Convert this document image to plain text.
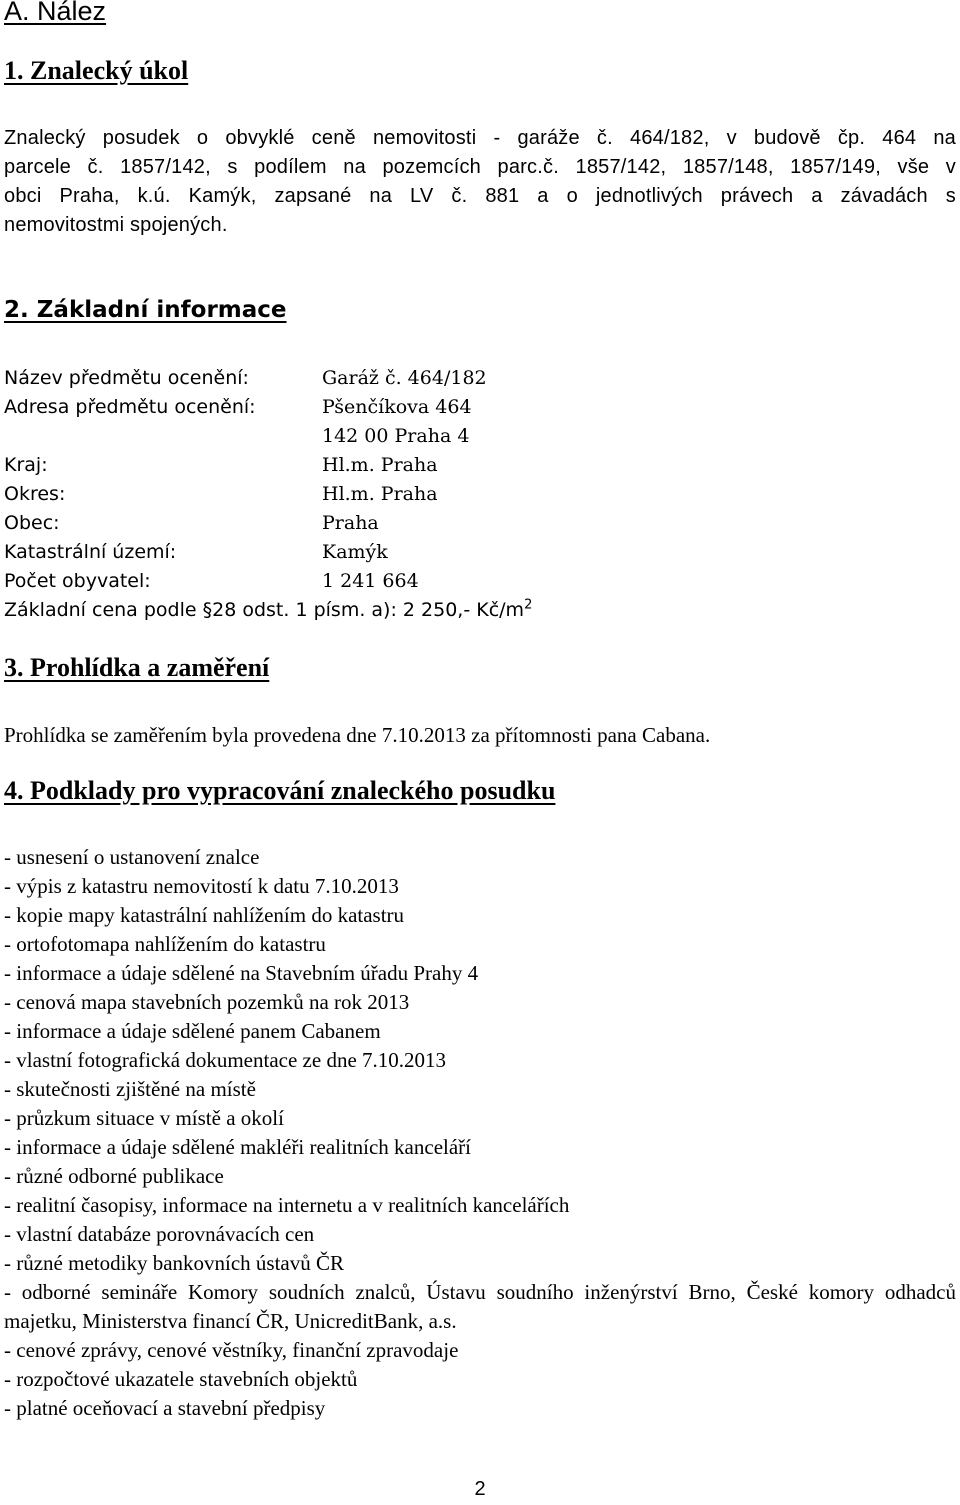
A. Nález
1. Znalecký úkol
Znalecký posudek o obvyklé ceně nemovitosti - garáže č. 464/182, v budově čp. 464 na
parcele č. 1857/142, s podílem na pozemcích parc.č. 1857/142, 1857/148, 1857/149, vše v
obci Praha, k.ú. Kamýk, zapsané na LV č. 881 a o jednotlivých právech a závadách s
nemovitostmi spojených.
2. Základní informace
Název předmětu ocenění:	Garáž č. 464/182
Adresa předmětu ocenění:	Pšenčíkova 464
142 00 Praha 4
Kraj:	Hl.m. Praha
Okres:	Hl.m. Praha
Obec:	Praha
Katastrální území:	Kamýk
Počet obyvatel:	1 241 664
Základní cena podle §28 odst. 1 písm. a): 2 250,- $Kč/m^2$
3. Prohlídka a zaměření
Prohlídka se zaměřením byla provedena dne 7.10.2013 za přítomnosti pana Cabana.
4. Podklady pro vypracování znaleckého posudku
- usnesení o ustanovení znalce
- výpis z katastru nemovitostí k datu 7.10.2013
- kopie mapy katastrální nahlížením do katastru
- ortofotomapa nahlížením do katastru
- informace a údaje sdělené na Stavebním úřadu Prahy 4
- cenová mapa stavebních pozemků na rok 2013
- informace a údaje sdělené panem Cabanem
- vlastní fotografická dokumentace ze dne 7.10.2013
- skutečnosti zjištěné na místě
- průzkum situace v místě a okolí
- informace a údaje sdělené makléři realitních kanceláří
- různé odborné publikace
- realitní časopisy, informace na internetu a v realitních kancelářích
- vlastní databáze porovnávacích cen
- různé metodiky bankovních ústavů ČR
- odborné semináře Komory soudních znalců, Ústavu soudního inženýrství Brno, České komory odhadců majetku, Ministerstva financí ČR, UnicreditBank, a.s.
- cenové zprávy, cenové věstníky, finanční zpravodaje
- rozpočtové ukazatele stavebních objektů
- platné oceňovací a stavební předpisy
2
